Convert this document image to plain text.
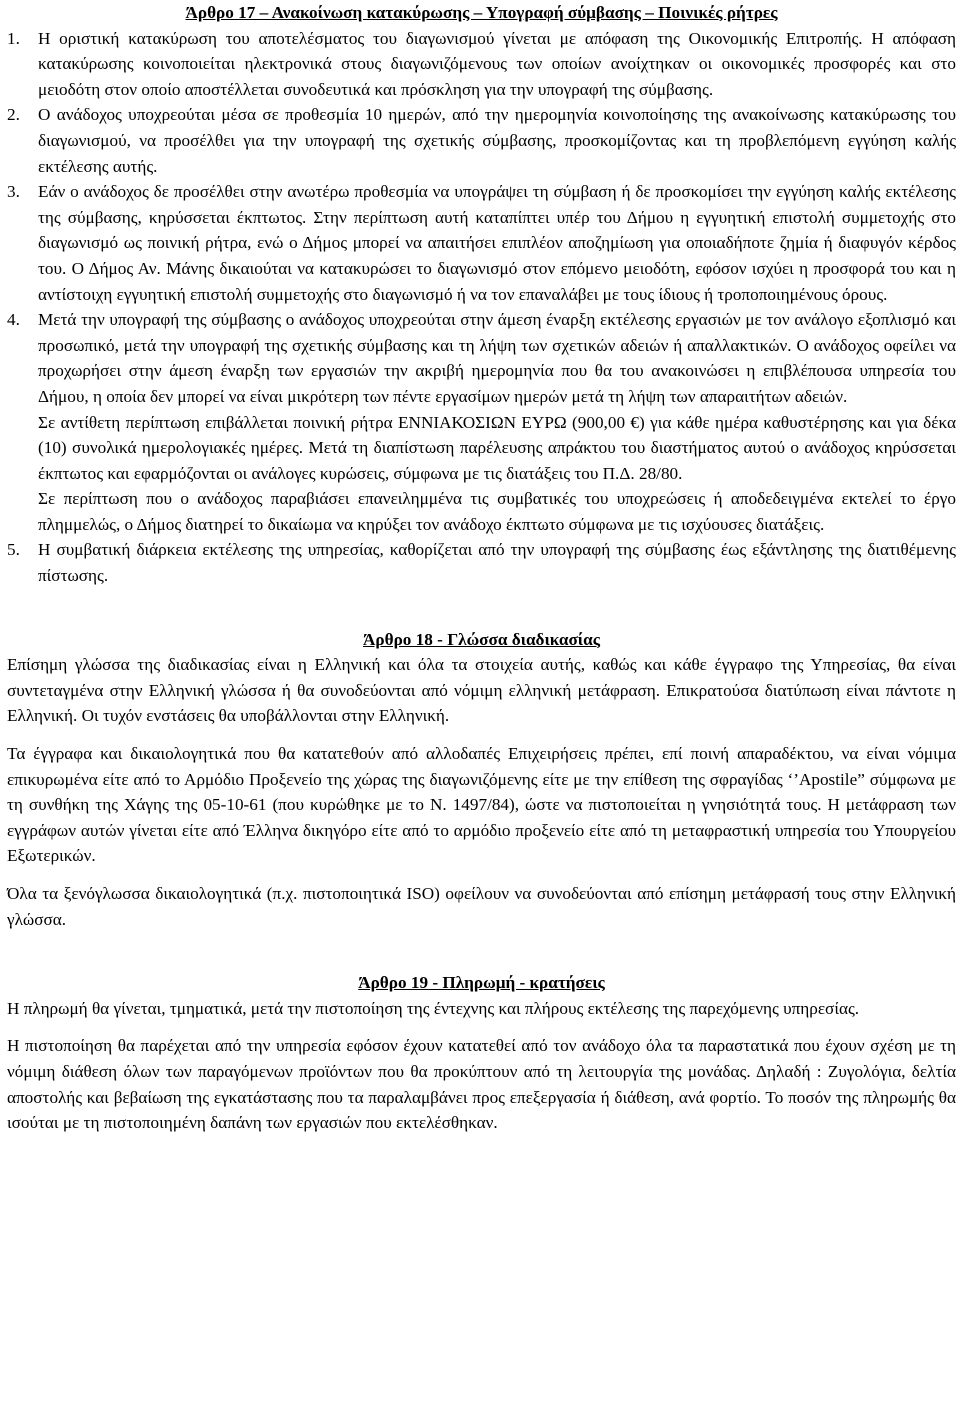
Άρθρο 17 – Ανακοίνωση κατακύρωσης – Υπογραφή σύμβασης – Ποινικές ρήτρες
1.	Η οριστική κατακύρωση του αποτελέσματος του διαγωνισμού γίνεται με απόφαση της Οικονομικής Επιτροπής. Η απόφαση κατακύρωσης κοινοποιείται ηλεκτρονικά στους διαγωνιζόμενους των οποίων ανοίχτηκαν οι οικονομικές προσφορές και στο μειοδότη στον οποίο αποστέλλεται συνοδευτικά και πρόσκληση για την υπογραφή της σύμβασης.
2.	Ο ανάδοχος υποχρεούται μέσα σε προθεσμία 10 ημερών, από την ημερομηνία κοινοποίησης της ανακοίνωσης κατακύρωσης του διαγωνισμού, να προσέλθει για την υπογραφή της σχετικής σύμβασης, προσκομίζοντας και τη προβλεπόμενη εγγύηση καλής εκτέλεσης αυτής.
3.	Εάν ο ανάδοχος δε προσέλθει στην ανωτέρω προθεσμία να υπογράψει τη σύμβαση ή δε προσκομίσει την εγγύηση καλής εκτέλεσης της σύμβασης, κηρύσσεται έκπτωτος. Στην περίπτωση αυτή καταπίπτει υπέρ του Δήμου η εγγυητική επιστολή συμμετοχής στο διαγωνισμό ως ποινική ρήτρα, ενώ ο Δήμος μπορεί να απαιτήσει επιπλέον αποζημίωση για οποιαδήποτε ζημία ή διαφυγόν κέρδος του. Ο Δήμος Αν. Μάνης δικαιούται να κατακυρώσει το διαγωνισμό στον επόμενο μειοδότη, εφόσον ισχύει η προσφορά του και η αντίστοιχη εγγυητική επιστολή συμμετοχής στο διαγωνισμό ή να τον επαναλάβει με τους ίδιους ή τροποποιημένους όρους.
4.	Μετά την υπογραφή της σύμβασης ο ανάδοχος υποχρεούται στην άμεση έναρξη εκτέλεσης εργασιών με τον ανάλογο εξοπλισμό και προσωπικό, μετά την υπογραφή της σχετικής σύμβασης και τη λήψη των σχετικών αδειών ή απαλλακτικών. Ο ανάδοχος οφείλει να προχωρήσει στην άμεση έναρξη των εργασιών την ακριβή ημερομηνία που θα του ανακοινώσει η επιβλέπουσα υπηρεσία του Δήμου, η οποία δεν μπορεί να είναι μικρότερη των πέντε εργασίμων ημερών μετά τη λήψη των απαραιτήτων αδειών.

Σε αντίθετη περίπτωση επιβάλλεται ποινική ρήτρα ΕΝΝΙΑΚΟΣΙΩΝ ΕΥΡΩ (900,00 €) για κάθε ημέρα καθυστέρησης και για δέκα (10) συνολικά ημερολογιακές ημέρες. Μετά τη διαπίστωση παρέλευσης απράκτου του διαστήματος αυτού ο ανάδοχος κηρύσσεται έκπτωτος και εφαρμόζονται οι ανάλογες κυρώσεις, σύμφωνα με τις διατάξεις του Π.Δ. 28/80.

Σε περίπτωση που ο ανάδοχος παραβιάσει επανειλημμένα τις συμβατικές του υποχρεώσεις ή αποδεδειγμένα εκτελεί το έργο πλημμελώς, ο Δήμος διατηρεί το δικαίωμα να κηρύξει τον ανάδοχο έκπτωτο σύμφωνα με τις ισχύουσες διατάξεις.

5.	Η συμβατική διάρκεια εκτέλεσης της υπηρεσίας, καθορίζεται από την υπογραφή της σύμβασης έως εξάντλησης της διατιθέμενης πίστωσης.
Άρθρο 18 - Γλώσσα διαδικασίας

Επίσημη γλώσσα της διαδικασίας είναι η Ελληνική και όλα τα στοιχεία αυτής, καθώς και κάθε έγγραφο της Υπηρεσίας, θα είναι συντεταγμένα στην Ελληνική γλώσσα ή θα συνοδεύονται από νόμιμη ελληνική μετάφραση. Επικρατούσα διατύπωση είναι πάντοτε η Ελληνική. Οι τυχόν ενστάσεις θα υποβάλλονται στην Ελληνική.

Τα έγγραφα και δικαιολογητικά που θα κατατεθούν από αλλοδαπές Επιχειρήσεις πρέπει, επί ποινή απαραδέκτου, να είναι νόμιμα επικυρωμένα είτε από το Αρμόδιο Προξενείο της χώρας της διαγωνιζόμενης είτε με την επίθεση της σφραγίδας ‘’Apostile” σύμφωνα με τη συνθήκη της Χάγης της 05-10-61 (που κυρώθηκε με το Ν. 1497/84), ώστε να πιστοποιείται η γνησιότητά τους. Η μετάφραση των εγγράφων αυτών γίνεται είτε από Έλληνα δικηγόρο είτε από το αρμόδιο προξενείο είτε από τη μεταφραστική υπηρεσία του Υπουργείου Εξωτερικών.

Όλα τα ξενόγλωσσα δικαιολογητικά (π.χ. πιστοποιητικά ISO) οφείλουν να συνοδεύονται από επίσημη μετάφρασή τους στην Ελληνική γλώσσα.

Άρθρο 19 - Πληρωμή - κρατήσεις

Η πληρωμή θα γίνεται, τμηματικά, μετά την πιστοποίηση της έντεχνης και πλήρους εκτέλεσης της παρεχόμενης υπηρεσίας.

Η πιστοποίηση θα παρέχεται από την υπηρεσία εφόσον έχουν κατατεθεί από τον ανάδοχο όλα τα παραστατικά που έχουν σχέση με τη νόμιμη διάθεση όλων των παραγόμενων προϊόντων που θα προκύπτουν από τη λειτουργία της μονάδας. Δηλαδή : Ζυγολόγια, δελτία αποστολής και βεβαίωση της εγκατάστασης που τα παραλαμβάνει προς επεξεργασία ή διάθεση, ανά φορτίο. Το ποσόν της πληρωμής θα ισούται με τη πιστοποιημένη δαπάνη των εργασιών που εκτελέσθηκαν.
